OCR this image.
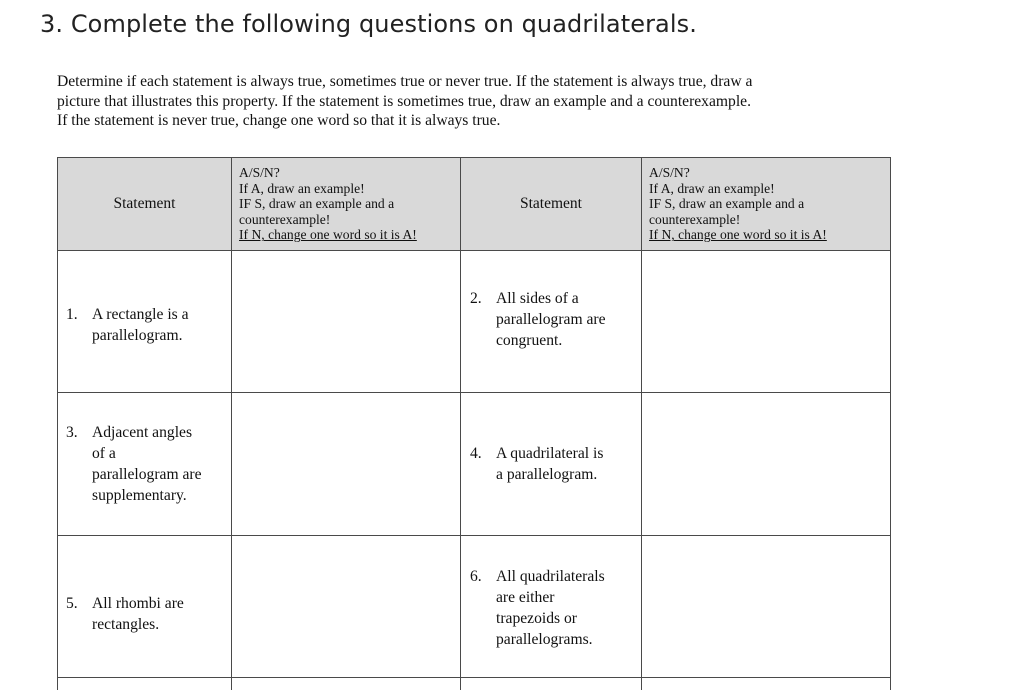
3. Complete the following questions on quadrilaterals.
Determine if each statement is always true, sometimes true or never true. If the statement is always true, draw a
picture that illustrates this property. If the statement is sometimes true, draw an example and a counterexample.
If the statement is never true, change one word so that it is always true.
Statement	A/S/N?
If A, draw an example!
IF S, draw an example and a
counterexample!
If N, change one word so it is A!	Statement	A/S/N?
If A, draw an example!
IF S, draw an example and a
counterexample!
If N, change one word so it is A!

1. A rectangle is a
parallelogram.		2. All sides of a
parallelogram are
congruent.	

3. Adjacent angles
of a
parallelogram are
supplementary.		4. A quadrilateral is
a parallelogram.	

5. All rhombi are
rectangles.		6. All quadrilaterals
are either
trapezoids or
parallelograms.	
